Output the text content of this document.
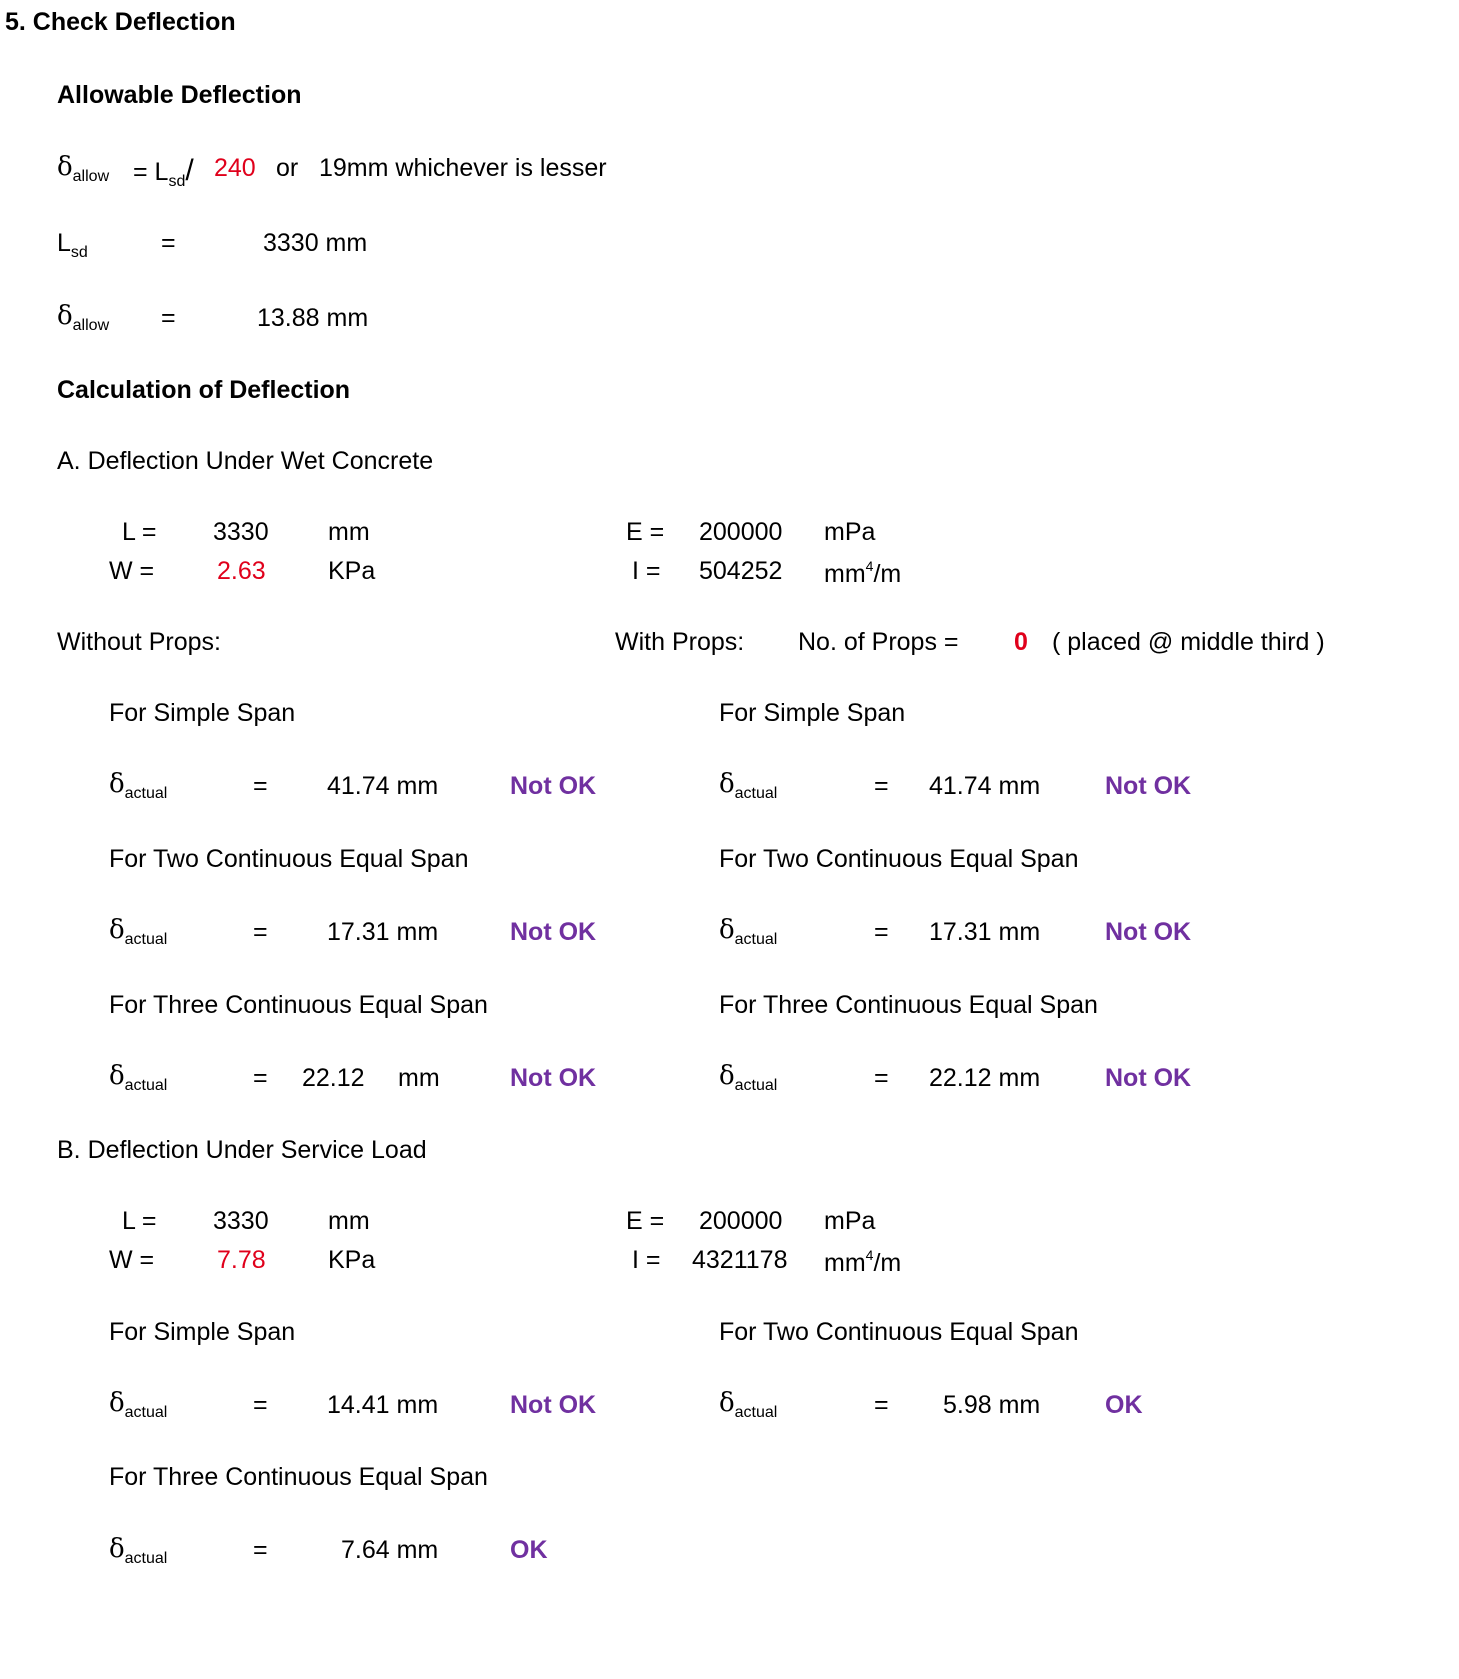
5. Check Deflection
Allowable Deflection
$\delta_{allow} = L_{sd}/$ 240 or 19mm whichever is lesser
$L_{sd}$	=	3330 mm
$\delta_{allow}$ =	13.88 mm
Calculation of Deflection
A. Deflection Under Wet Concrete
L = 3330 mm
W =	2.63 KPa
E = 200000 mPa
I = 504252 $mm^4/m$
Without Props:	With Props: No. of Props = 0 ( placed @ middle third )
For Simple Span
$\delta_{actual}$	= 41.74 mm	Not OK
For Two Continuous Equal Span
$\delta_{actual}$	= 17.31 mm	Not OK
For Three Continuous Equal Span
$\delta_{actual}$	= 22.12 mm	Not OK
For Simple Span
$\delta_{actual}$	= 41.74 mm	Not OK
For Two Continuous Equal Span
$\delta_{actual}$	= 17.31 mm	Not OK
For Three Continuous Equal Span
$\delta_{actual}$	= 22.12 mm	Not OK
B. Deflection Under Service Load
L = 3330 mm
W =	7.78 KPa
E = 200000 mPa
I = 4321178 $mm^4/m$
For Simple Span
$\delta_{actual}$	= 14.41 mm	Not OK
For Two Continuous Equal Span
$\delta_{actual}$	= 5.98 mm	OK
For Three Continuous Equal Span
$\delta_{actual}$	=	7.64 mm	OK
